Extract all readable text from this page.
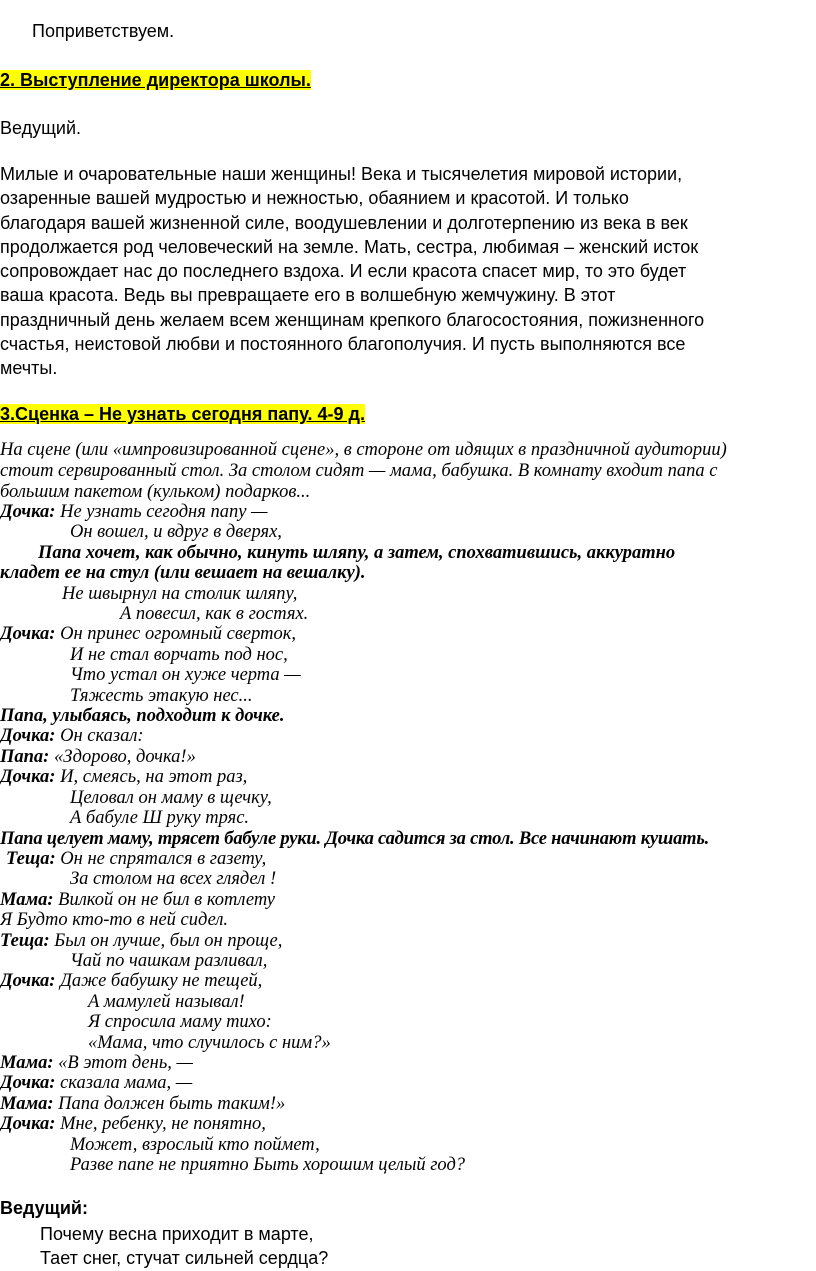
Поприветствуем.
2. Выступление директора школы.
Ведущий.
Милые и очаровательные наши женщины! Века и тысячелетия мировой истории,
озаренные вашей мудростью и нежностью, обаянием и красотой. И только
благодаря вашей жизненной силе, воодушевлении и долготерпению из века в век
продолжается род человеческий на земле. Мать, сестра, любимая – женский исток
сопровождает нас до последнего вздоха. И если красота спасет мир, то это будет
ваша красота. Ведь вы превращаете его в волшебную жемчужину. В этот
праздничный день желаем всем женщинам крепкого благосостояния, пожизненного
счастья, неистовой любви и постоянного благополучия. И пусть выполняются все
мечты.
3.Сценка – Не узнать сегодня папу. 4-9 д.
На сцене (или «импровизированной сцене», в стороне от идящих в праздничной аудитории)
стоит сервированный стол. За столом сидят — мама, бабушка. В комнату входит папа с
большим пакетом (кульком) подарков...
Дочка: Не узнать сегодня папу —
Он вошел, и вдруг в дверях,
Папа хочет, как обычно, кинуть шляпу, а затем, спохватившись, аккуратно
кладет ее на стул (или вешает на вешалку).
Не швырнул на столик шляпу,
А повесил, как в гостях.
Дочка: Он принес огромный сверток,
И не стал ворчать под нос,
Что устал он хуже черта —
Тяжесть этакую нес...
Папа, улыбаясь, подходит к дочке.
Дочка: Он сказал:
Папа: «Здорово, дочка!»
Дочка: И, смеясь, на этот раз,
Целовал он маму в щечку,
А бабуле Ш руку тряс.
Папа целует маму, трясет бабуле руки. Дочка садится за стол. Все начинают кушать.
Теща: Он не спрятался в газету,
За столом на всех глядел !
Мама: Вилкой он не бил в котлету
Я Будто кто-то в ней сидел.
Теща: Был он лучше, был он проще,
Чай по чашкам разливал,
Дочка: Даже бабушку не тещей,
А мамулей называл!
Я спросила маму тихо:
«Мама, что случилось с ним?»
Мама: «В этот день, —
Дочка: сказала мама, —
Мама: Папа должен быть таким!»
Дочка: Мне, ребенку, не понятно,
Может, взрослый кто поймет,
Разве папе не приятно Быть хорошим целый год?
Ведущий:
Почему весна приходит в марте,
Тает снег, стучат сильней сердца?
